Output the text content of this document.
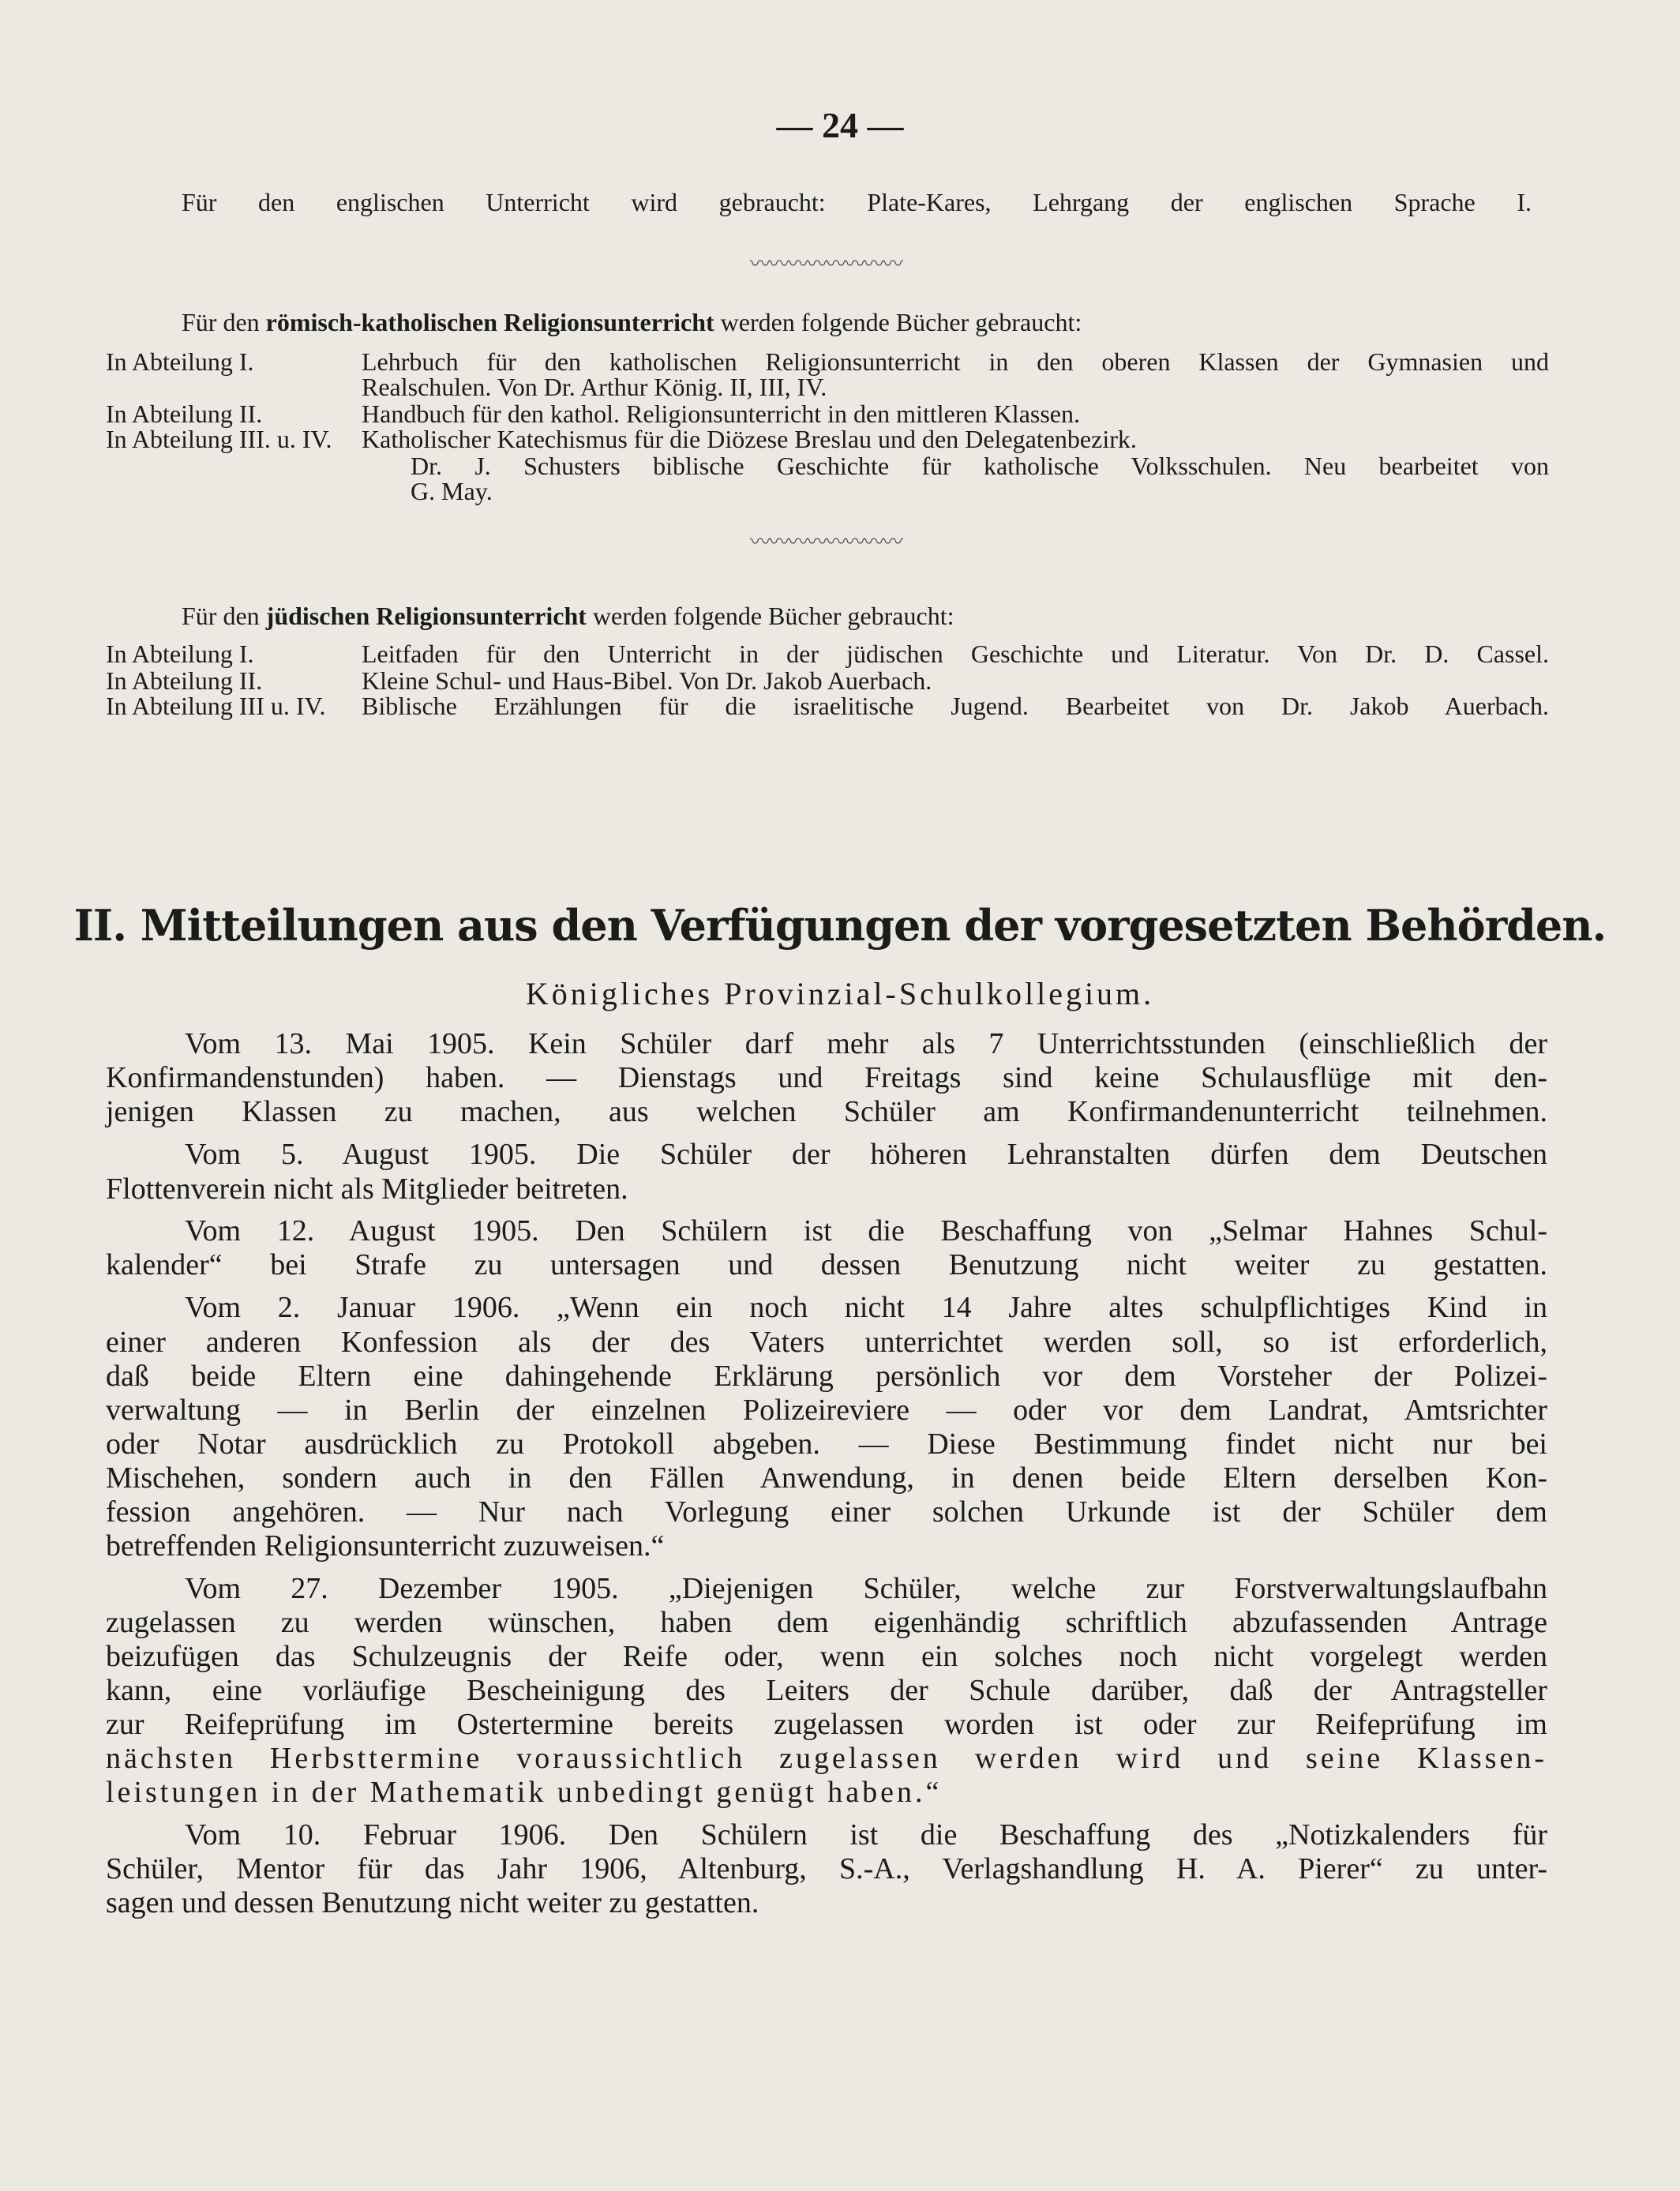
— 24 —
Für den englischen Unterricht wird gebraucht: Plate-Kares, Lehrgang der englischen Sprache I.
〰〰〰〰〰〰〰〰
Für den römisch-katholischen Religionsunterricht werden folgende Bücher gebraucht:
In Abteilung I.	Lehrbuch für den katholischen Religionsunterricht in den oberen Klassen der Gymnasien und
Realschulen. Von Dr. Arthur König. II, III, IV.
In Abteilung II.	Handbuch für den kathol. Religionsunterricht in den mittleren Klassen.
In Abteilung III. u. IV. Katholischer Katechismus für die Diözese Breslau und den Delegatenbezirk.
Dr. J. Schusters biblische Geschichte für katholische Volksschulen. Neu bearbeitet von
G. May.
〰〰〰〰〰〰〰〰
Für den jüdischen Religionsunterricht werden folgende Bücher gebraucht:
In Abteilung I.	Leitfaden für den Unterricht in der jüdischen Geschichte und Literatur. Von Dr. D. Cassel.
In Abteilung II.	Kleine Schul- und Haus-Bibel. Von Dr. Jakob Auerbach.
In Abteilung III u. IV. Biblische Erzählungen für die israelitische Jugend. Bearbeitet von Dr. Jakob Auerbach.
II. Mitteilungen aus den Verfügungen der vorgesetzten Behörden.
Königliches Provinzial-Schulkollegium.
Vom 13. Mai 1905. Kein Schüler darf mehr als 7 Unterrichtsstunden (einschließlich der
Konfirmandenstunden) haben. — Dienstags und Freitags sind keine Schulausflüge mit den-
jenigen Klassen zu machen, aus welchen Schüler am Konfirmandenunterricht teilnehmen.
Vom 5. August 1905. Die Schüler der höheren Lehranstalten dürfen dem Deutschen
Flottenverein nicht als Mitglieder beitreten.
Vom 12. August 1905. Den Schülern ist die Beschaffung von „Selmar Hahnes Schul-
kalender“ bei Strafe zu untersagen und dessen Benutzung nicht weiter zu gestatten.
Vom 2. Januar 1906. „Wenn ein noch nicht 14 Jahre altes schulpflichtiges Kind in
einer anderen Konfession als der des Vaters unterrichtet werden soll, so ist erforderlich,
daß beide Eltern eine dahingehende Erklärung persönlich vor dem Vorsteher der Polizei-
verwaltung — in Berlin der einzelnen Polizeireviere — oder vor dem Landrat, Amtsrichter
oder Notar ausdrücklich zu Protokoll abgeben. — Diese Bestimmung findet nicht nur bei
Mischehen, sondern auch in den Fällen Anwendung, in denen beide Eltern derselben Kon-
fession angehören. — Nur nach Vorlegung einer solchen Urkunde ist der Schüler dem
betreffenden Religionsunterricht zuzuweisen.“
Vom 27. Dezember 1905. „Diejenigen Schüler, welche zur Forstverwaltungslaufbahn
zugelassen zu werden wünschen, haben dem eigenhändig schriftlich abzufassenden Antrage
beizufügen das Schulzeugnis der Reife oder, wenn ein solches noch nicht vorgelegt werden
kann, eine vorläufige Bescheinigung des Leiters der Schule darüber, daß der Antragsteller
zur Reifeprüfung im Ostertermine bereits zugelassen worden ist oder zur Reifeprüfung im
nächsten Herbsttermine voraussichtlich zugelassen werden wird und seine Klassen-
leistungen in der Mathematik unbedingt genügt haben.“
Vom 10. Februar 1906. Den Schülern ist die Beschaffung des „Notizkalenders für
Schüler, Mentor für das Jahr 1906, Altenburg, S.-A., Verlagshandlung H. A. Pierer“ zu unter-
sagen und dessen Benutzung nicht weiter zu gestatten.
